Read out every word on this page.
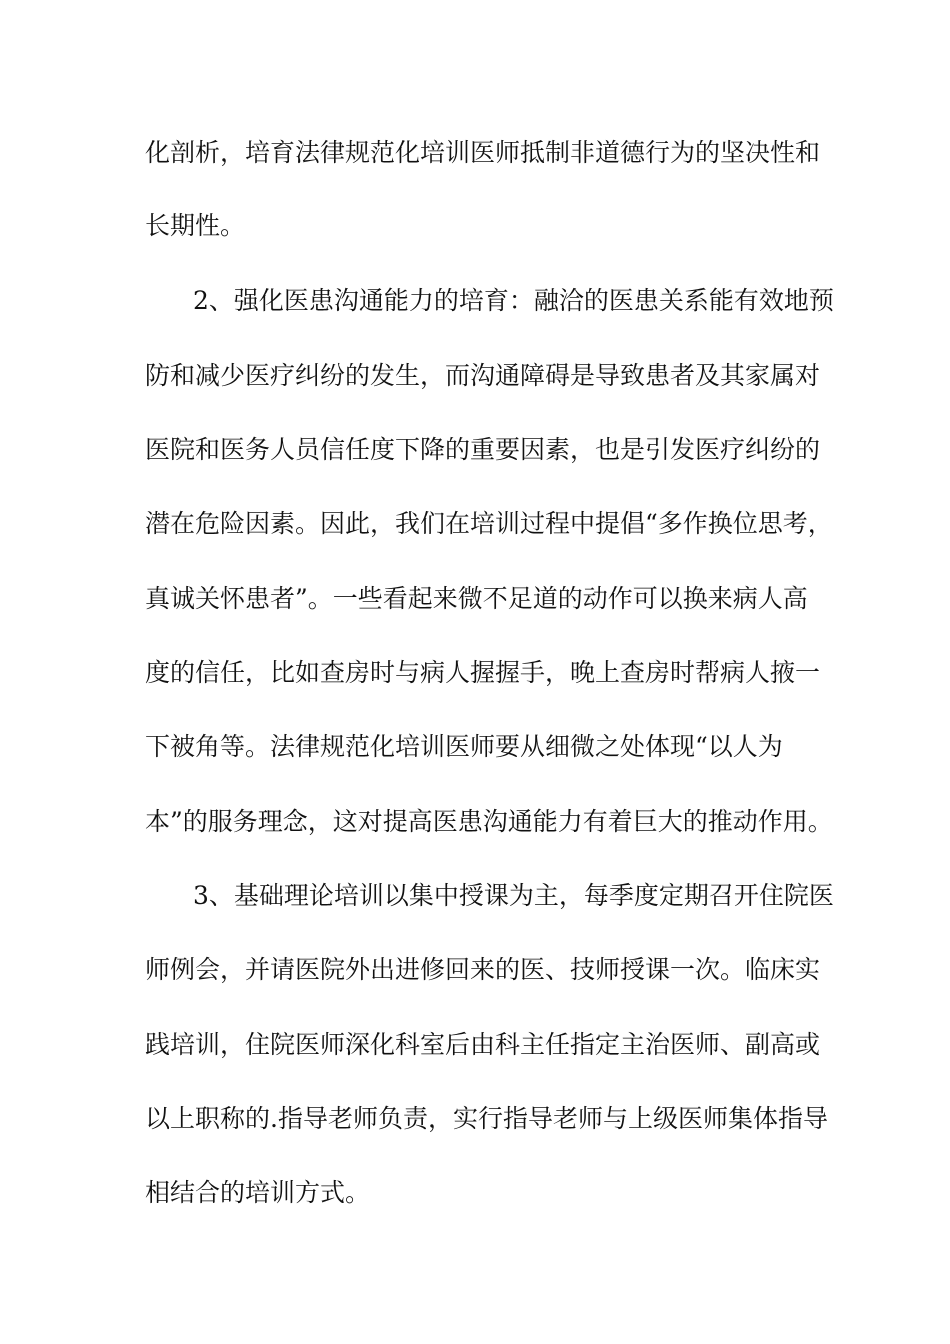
化剖析，培育法律规范化培训医师抵制非道德行为的坚决性和
长期性。
2、强化医患沟通能力的培育：融洽的医患关系能有效地预
防和减少医疗纠纷的发生，而沟通障碍是导致患者及其家属对
医院和医务人员信任度下降的重要因素，也是引发医疗纠纷的
潜在危险因素。因此，我们在培训过程中提倡“多作换位思考，
真诚关怀患者”。一些看起来微不足道的动作可以换来病人高
度的信任，比如查房时与病人握握手，晚上查房时帮病人掖一
下被角等。法律规范化培训医师要从细微之处体现“以人为
本”的服务理念，这对提高医患沟通能力有着巨大的推动作用。
3、基础理论培训以集中授课为主，每季度定期召开住院医
师例会，并请医院外出进修回来的医、技师授课一次。临床实
践培训，住院医师深化科室后由科主任指定主治医师、副高或
以上职称的.指导老师负责，实行指导老师与上级医师集体指导
相结合的培训方式。
